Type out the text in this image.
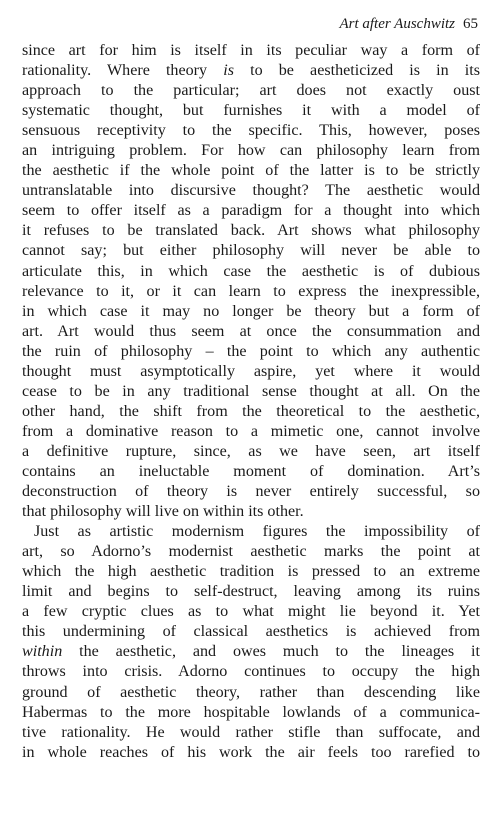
Art after Auschwitz 65
since art for him is itself in its peculiar way a form of
rationality. Where theory is to be aestheticized is in its
approach to the particular; art does not exactly oust
systematic thought, but furnishes it with a model of
sensuous receptivity to the specific. This, however, poses
an intriguing problem. For how can philosophy learn from
the aesthetic if the whole point of the latter is to be strictly
untranslatable into discursive thought? The aesthetic would
seem to offer itself as a paradigm for a thought into which
it refuses to be translated back. Art shows what philosophy
cannot say; but either philosophy will never be able to
articulate this, in which case the aesthetic is of dubious
relevance to it, or it can learn to express the inexpressible,
in which case it may no longer be theory but a form of
art. Art would thus seem at once the consummation and
the ruin of philosophy – the point to which any authentic
thought must asymptotically aspire, yet where it would
cease to be in any traditional sense thought at all. On the
other hand, the shift from the theoretical to the aesthetic,
from a dominative reason to a mimetic one, cannot involve
a definitive rupture, since, as we have seen, art itself
contains an ineluctable moment of domination. Art’s
deconstruction of theory is never entirely successful, so
that philosophy will live on within its other.
Just as artistic modernism figures the impossibility of
art, so Adorno’s modernist aesthetic marks the point at
which the high aesthetic tradition is pressed to an extreme
limit and begins to self-destruct, leaving among its ruins
a few cryptic clues as to what might lie beyond it. Yet
this undermining of classical aesthetics is achieved from
within the aesthetic, and owes much to the lineages it
throws into crisis. Adorno continues to occupy the high
ground of aesthetic theory, rather than descending like
Habermas to the more hospitable lowlands of a communica-
tive rationality. He would rather stifle than suffocate, and
in whole reaches of his work the air feels too rarefied to
